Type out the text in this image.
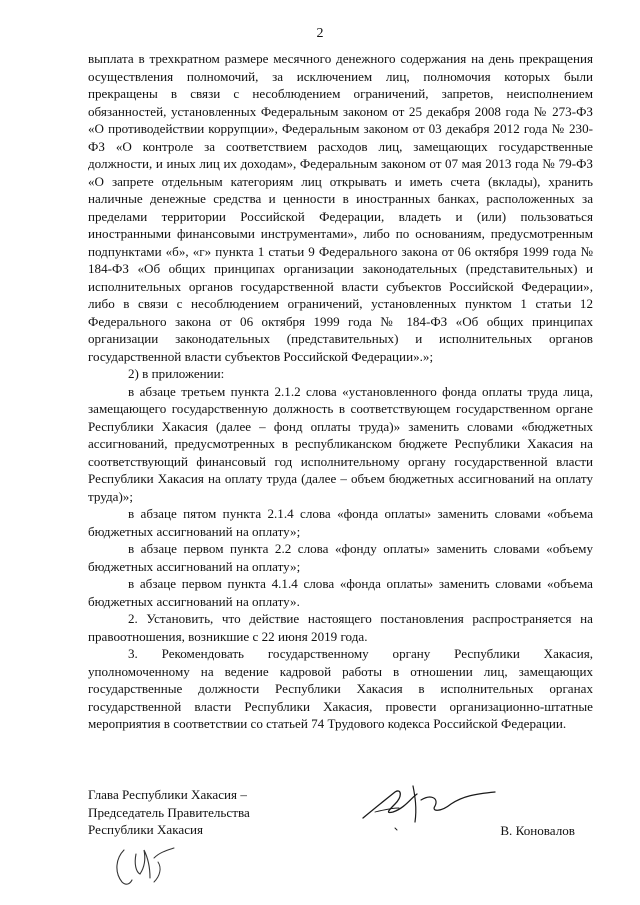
2

выплата в трехкратном размере месячного денежного содержания на день прекращения осуществления полномочий, за исключением лиц, полномочия которых были прекращены в связи с несоблюдением ограничений, запретов, неисполнением обязанностей, установленных Федеральным законом от 25 декабря 2008 года № 273-ФЗ «О противодействии коррупции», Федеральным законом от 03 декабря 2012 года № 230-ФЗ «О контроле за соответствием расходов лиц, замещающих государственные должности, и иных лиц их доходам», Федеральным законом от 07 мая 2013 года № 79-ФЗ «О запрете отдельным категориям лиц открывать и иметь счета (вклады), хранить наличные денежные средства и ценности в иностранных банках, расположенных за пределами территории Российской Федерации, владеть и (или) пользоваться иностранными финансовыми инструментами», либо по основаниям, предусмотренным подпунктами «б», «г» пункта 1 статьи 9 Федерального закона от 06 октября 1999 года № 184-ФЗ «Об общих принципах организации законодательных (представительных) и исполнительных органов государственной власти субъектов Российской Федерации», либо в связи с несоблюдением ограничений, установленных пунктом 1 статьи 12 Федерального закона от 06 октября 1999 года № 184-ФЗ «Об общих принципах организации законодательных (представительных) и исполнительных органов государственной власти субъектов Российской Федерации».»;

2) в приложении:

в абзаце третьем пункта 2.1.2 слова «установленного фонда оплаты труда лица, замещающего государственную должность в соответствующем государственном органе Республики Хакасия (далее – фонд оплаты труда)» заменить словами «бюджетных ассигнований, предусмотренных в республиканском бюджете Республики Хакасия на соответствующий финансовый год исполнительному органу государственной власти Республики Хакасия на оплату труда (далее – объем бюджетных ассигнований на оплату труда)»;

в абзаце пятом пункта 2.1.4 слова «фонда оплаты» заменить словами «объема бюджетных ассигнований на оплату»;

в абзаце первом пункта 2.2 слова «фонду оплаты» заменить словами «объему бюджетных ассигнований на оплату»;

в абзаце первом пункта 4.1.4 слова «фонда оплаты» заменить словами «объема бюджетных ассигнований на оплату».

2. Установить, что действие настоящего постановления распространяется на правоотношения, возникшие с 22 июня 2019 года.

3. Рекомендовать государственному органу Республики Хакасия, уполномоченному на ведение кадровой работы в отношении лиц, замещающих государственные должности Республики Хакасия в исполнительных органах государственной власти Республики Хакасия, провести организационно-штатные мероприятия в соответствии со статьей 74 Трудового кодекса Российской Федерации.

Глава Республики Хакасия –
Председатель Правительства
Республики Хакасия	В. Коновалов
